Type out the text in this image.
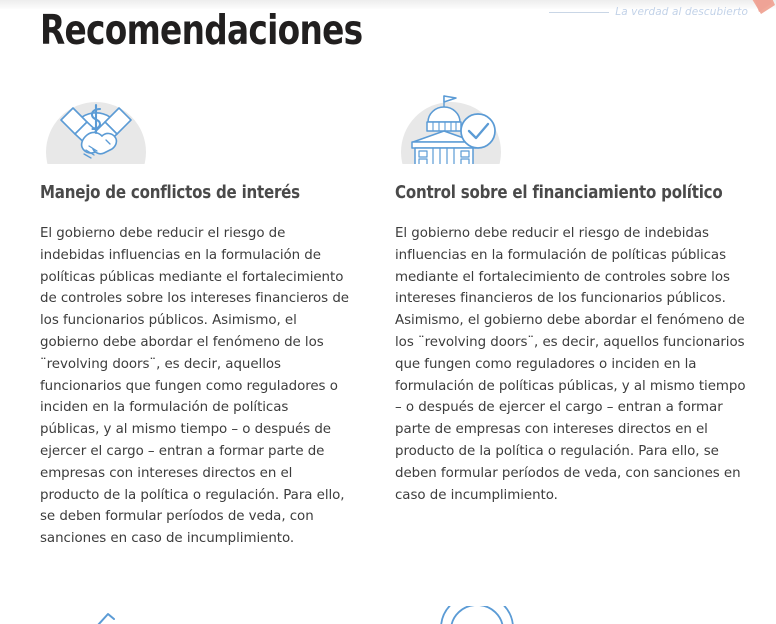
La verdad al descubierto
Recomendaciones
Manejo de conflictos de interés

El gobierno debe reducir el riesgo de indebidas influencias en la formulación de políticas públicas mediante el fortalecimiento de controles sobre los intereses financieros de los funcionarios públicos. Asimismo, el gobierno debe abordar el fenómeno de los ¨revolving doors¨, es decir, aquellos funcionarios que fungen como reguladores o inciden en la formulación de políticas públicas, y al mismo tiempo – o después de ejercer el cargo – entran a formar parte de empresas con intereses directos en el producto de la política o regulación. Para ello, se deben formular períodos de veda, con sanciones en caso de incumplimiento.

Control sobre el financiamiento político

El gobierno debe reducir el riesgo de indebidas influencias en la formulación de políticas públicas mediante el fortalecimiento de controles sobre los intereses financieros de los funcionarios públicos. Asimismo, el gobierno debe abordar el fenómeno de los ¨revolving doors¨, es decir, aquellos funcionarios que fungen como reguladores o inciden en la formulación de políticas públicas, y al mismo tiempo – o después de ejercer el cargo – entran a formar parte de empresas con intereses directos en el producto de la política o regulación. Para ello, se deben formular períodos de veda, con sanciones en caso de incumplimiento.
